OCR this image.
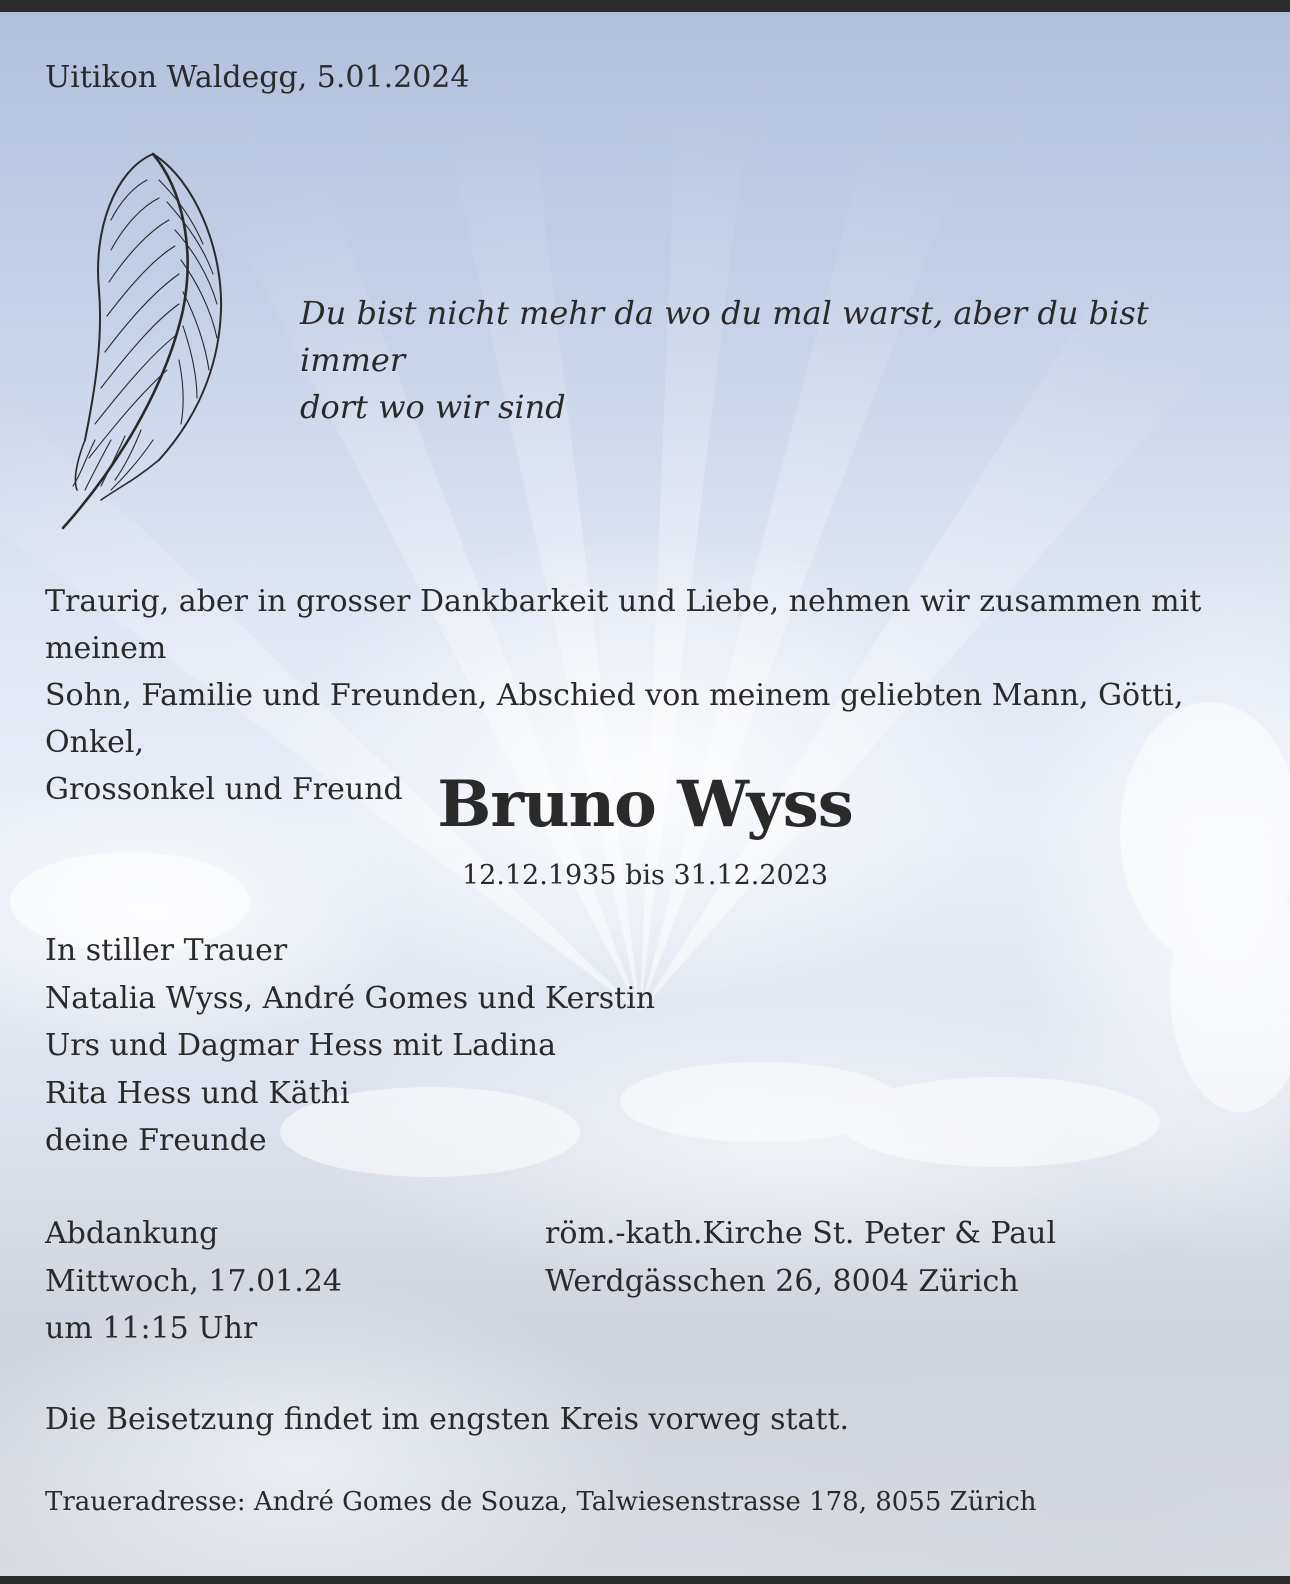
Uitikon Waldegg, 5.01.2024

Du bist nicht mehr da wo du mal warst, aber du bist immer
dort wo wir sind
Traurig, aber in grosser Dankbarkeit und Liebe, nehmen wir zusammen mit meinem
Sohn, Familie und Freunden, Abschied von meinem geliebten Mann, Götti, Onkel,
Grossonkel und Freund Bruno Wyss

12.12.1935 bis 31.12.2023

In stiller Trauer
Natalia Wyss, André Gomes und Kerstin
Urs und Dagmar Hess mit Ladina
Rita Hess und Käthi
deine Freunde
Abdankung
Mittwoch, 17.01.24
um 11:15 Uhr
röm.-kath.Kirche St. Peter & Paul
Werdgässchen 26, 8004 Zürich

Die Beisetzung findet im engsten Kreis vorweg statt.

Traueradresse: André Gomes de Souza, Talwiesenstrasse 178, 8055 Zürich
